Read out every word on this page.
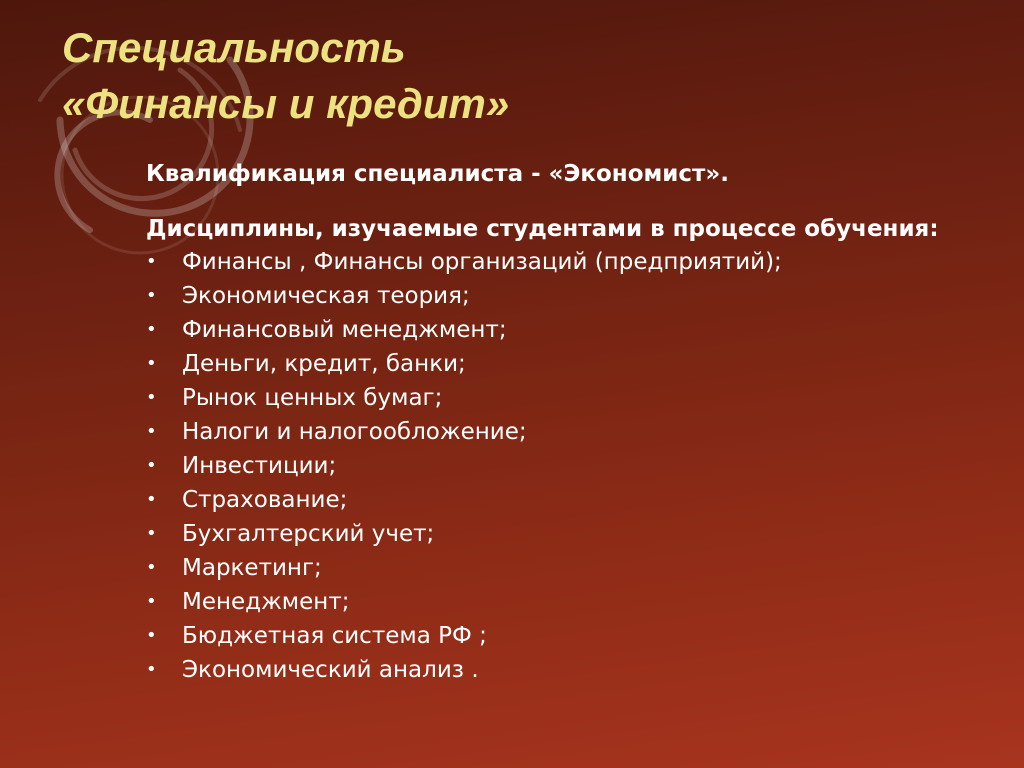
Специальность
«Финансы и кредит»

Квалификация специалиста - «Экономист».

Дисциплины, изучаемые студентами в процессе обучения:

• Финансы , Финансы организаций (предприятий);
• Экономическая теория;
• Финансовый менеджмент;
• Деньги, кредит, банки;
• Рынок ценных бумаг;
• Налоги и налогообложение;
• Инвестиции;
• Страхование;
• Бухгалтерский учет;
• Маркетинг;
• Менеджмент;
• Бюджетная система РФ ;
• Экономический анализ .
